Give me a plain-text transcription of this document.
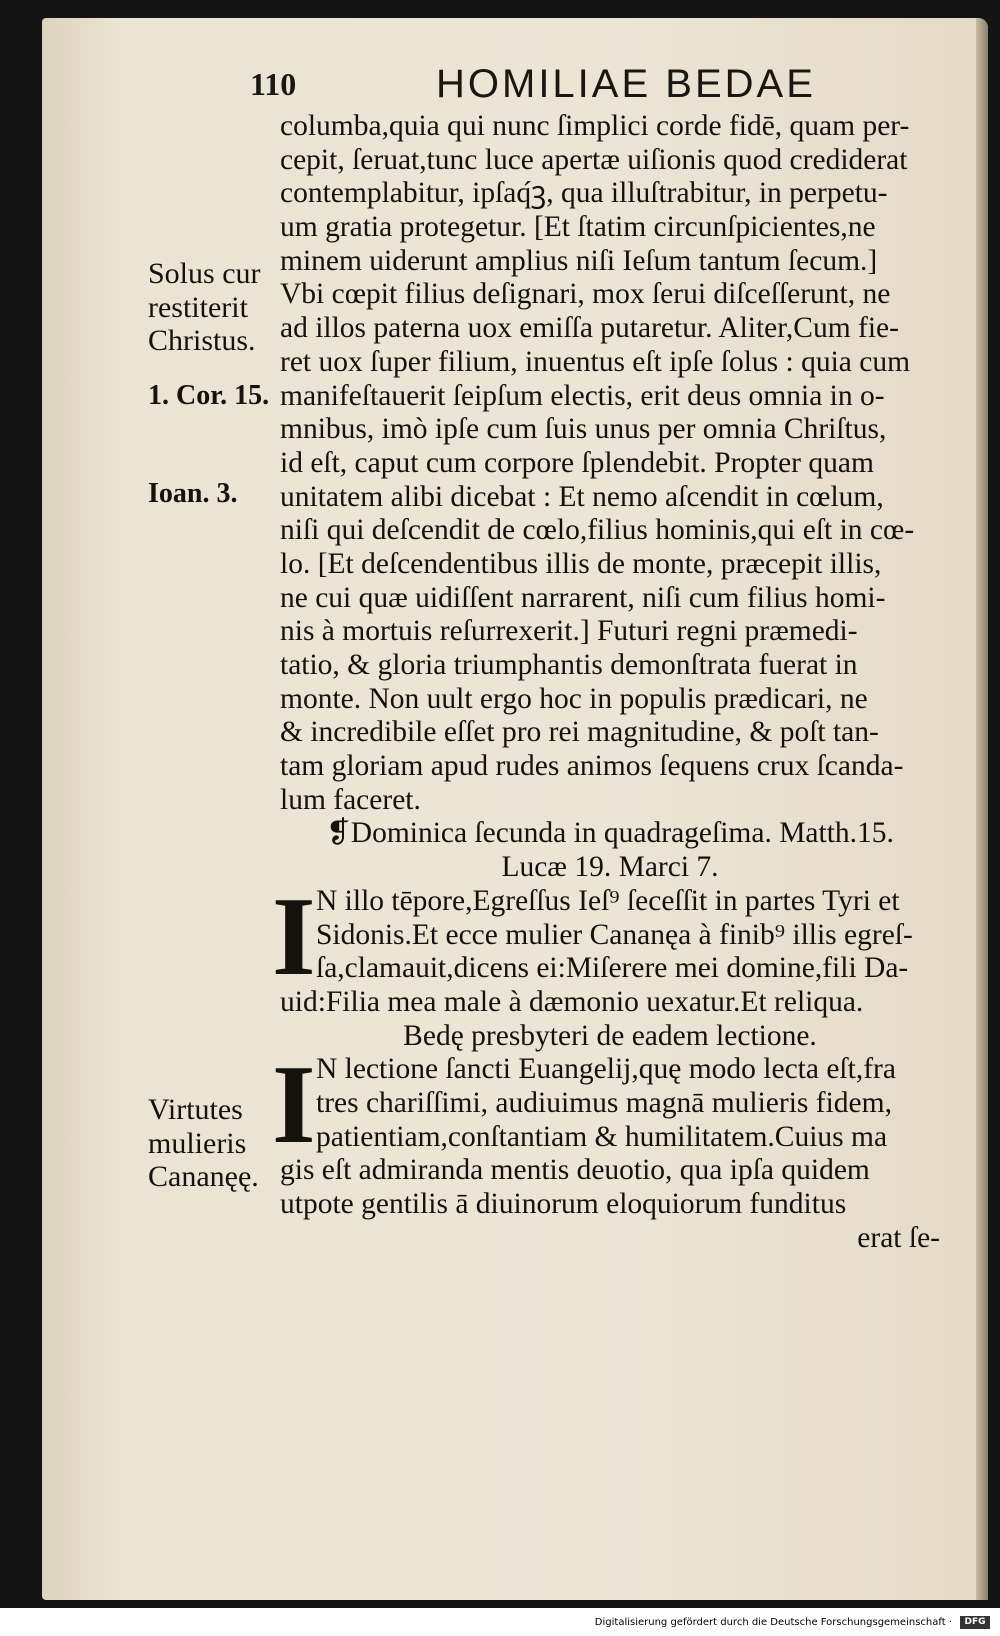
110	HOMILIAE BEDAE
Solus cur
restiterit
Christus.
1. Cor. 15.
Ioan. 3.
Virtutes
mulieris
Cananęę.
columba,quia qui nunc ſimplici corde fidē, quam per-
cepit, ſeruat,tunc luce apertæ uiſionis quod crediderat
contemplabitur, ipſaq́ꝫ, qua illuſtrabitur, in perpetu-
um gratia protegetur. [Et ſtatim circunſpicientes,ne
minem uiderunt amplius niſi Ieſum tantum ſecum.]
Vbi cœpit filius deſignari, mox ſerui diſceſſerunt, ne
ad illos paterna uox emiſſa putaretur. Aliter,Cum fie-
ret uox ſuper filium, inuentus eſt ipſe ſolus : quia cum
manifeſtauerit ſeipſum electis, erit deus omnia in o-
mnibus, imò ipſe cum ſuis unus per omnia Chriſtus,
id eſt, caput cum corpore ſplendebit. Propter quam
unitatem alibi dicebat : Et nemo aſcendit in cœlum,
niſi qui deſcendit de cœlo,filius hominis,qui eſt in cœ-
lo. [Et deſcendentibus illis de monte, præcepit illis,
ne cui quæ uidiſſent narrarent, niſi cum filius homi-
nis à mortuis reſurrexerit.] Futuri regni præmedi-
tatio, & gloria triumphantis demonſtrata fuerat in
monte. Non uult ergo hoc in populis prædicari, ne
& incredibile eſſet pro rei magnitudine, & poſt tan-
tam gloriam apud rudes animos ſequens crux ſcanda-
lum faceret.
❡Dominica ſecunda in quadrageſima. Matth.15.
Lucæ 19. Marci 7.
I N illo tēpore,Egreſſus Ieſ⁹ ſeceſſit in partes Tyri et
Sidonis.Et ecce mulier Cananęa à finib⁹ illis egreſ-
ſa,clamauit,dicens ei:Miſerere mei domine,fili Da-
uid:Filia mea male à dæmonio uexatur.Et reliqua.
Bedę presbyteri de eadem lectione.
I N lectione ſancti Euangelij,quę modo lecta eſt,fra
tres chariſſimi, audiuimus magnā mulieris fidem,
patientiam,conſtantiam & humilitatem.Cuius ma
gis eſt admiranda mentis deuotio, qua ipſa quidem
utpote gentilis ā diuinorum eloquiorum funditus
erat ſe-
Digitalisierung gefördert durch die Deutsche Forschungsgemeinschaft ·	DFG
